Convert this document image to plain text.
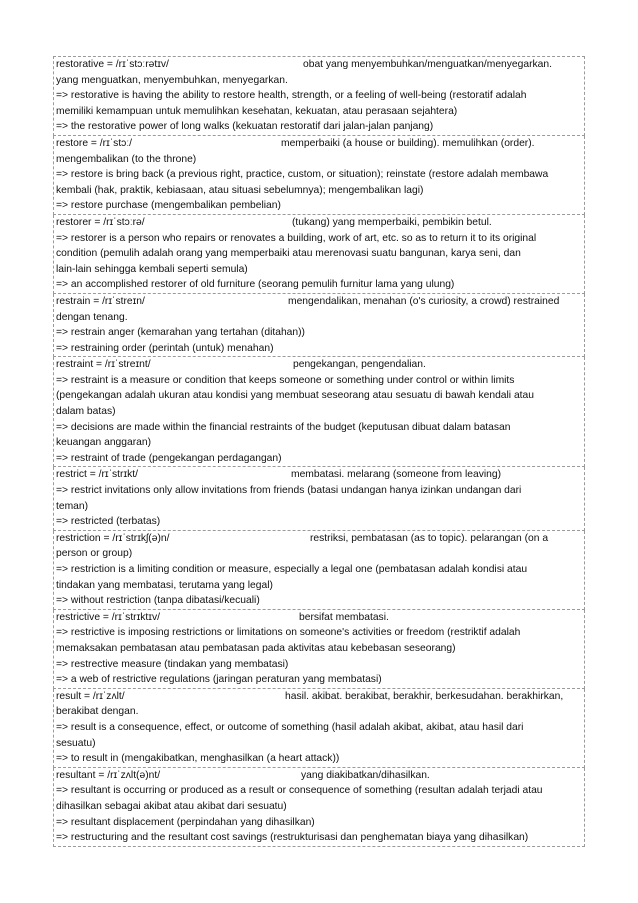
restorative = /rɪˈstɔːrətɪv/	obat yang menyembuhkan/menguatkan/menyegarkan.
yang menguatkan, menyembuhkan, menyegarkan.
=> restorative is having the ability to restore health, strength, or a feeling of well-being (restoratif adalah
memiliki kemampuan untuk memulihkan kesehatan, kekuatan, atau perasaan sejahtera)
=> the restorative power of long walks (kekuatan restoratif dari jalan-jalan panjang)
restore = /rɪˈstɔː/	memperbaiki (a house or building). memulihkan (order).
mengembalikan (to the throne)
=> restore is bring back (a previous right, practice, custom, or situation); reinstate (restore adalah membawa
kembali (hak, praktik, kebiasaan, atau situasi sebelumnya); mengembalikan lagi)
=> restore purchase (mengembalikan pembelian)
restorer = /rɪˈstɔːrə/	(tukang) yang memperbaiki, pembikin betul.
=> restorer is a person who repairs or renovates a building, work of art, etc. so as to return it to its original
condition (pemulih adalah orang yang memperbaiki atau merenovasi suatu bangunan, karya seni, dan
lain-lain sehingga kembali seperti semula)
=> an accomplished restorer of old furniture (seorang pemulih furnitur lama yang ulung)
restrain = /rɪˈstreɪn/	mengendalikan, menahan (o's curiosity, a crowd) restrained
dengan tenang.
=> restrain anger (kemarahan yang tertahan (ditahan))
=> restraining order (perintah (untuk) menahan)
restraint = /rɪˈstreɪnt/	pengekangan, pengendalian.
=> restraint is a measure or condition that keeps someone or something under control or within limits
(pengekangan adalah ukuran atau kondisi yang membuat seseorang atau sesuatu di bawah kendali atau
dalam batas)
=> decisions are made within the financial restraints of the budget (keputusan dibuat dalam batasan
keuangan anggaran)
=> restraint of trade (pengekangan perdagangan)
restrict = /rɪˈstrɪkt/	membatasi. melarang (someone from leaving)
=> restrict invitations only allow invitations from friends (batasi undangan hanya izinkan undangan dari
teman)
=> restricted (terbatas)
restriction = /rɪˈstrɪkʃ(ə)n/	restriksi, pembatasan (as to topic). pelarangan (on a
person or group)
=> restriction is a limiting condition or measure, especially a legal one (pembatasan adalah kondisi atau
tindakan yang membatasi, terutama yang legal)
=> without restriction (tanpa dibatasi/kecuali)
restrictive = /rɪˈstrɪktɪv/	bersifat membatasi.
=> restrictive is imposing restrictions or limitations on someone's activities or freedom (restriktif adalah
memaksakan pembatasan atau pembatasan pada aktivitas atau kebebasan seseorang)
=> restrective measure (tindakan yang membatasi)
=> a web of restrictive regulations (jaringan peraturan yang membatasi)
result = /rɪˈzʌlt/	hasil. akibat. berakibat, berakhir, berkesudahan. berakhirkan,
berakibat dengan.
=> result is a consequence, effect, or outcome of something (hasil adalah akibat, akibat, atau hasil dari
sesuatu)
=> to result in (mengakibatkan, menghasilkan (a heart attack))
resultant = /rɪˈzʌlt(ə)nt/	yang diakibatkan/dihasilkan.
=> resultant is occurring or produced as a result or consequence of something (resultan adalah terjadi atau
dihasilkan sebagai akibat atau akibat dari sesuatu)
=> resultant displacement (perpindahan yang dihasilkan)
=> restructuring and the resultant cost savings (restrukturisasi dan penghematan biaya yang dihasilkan)
